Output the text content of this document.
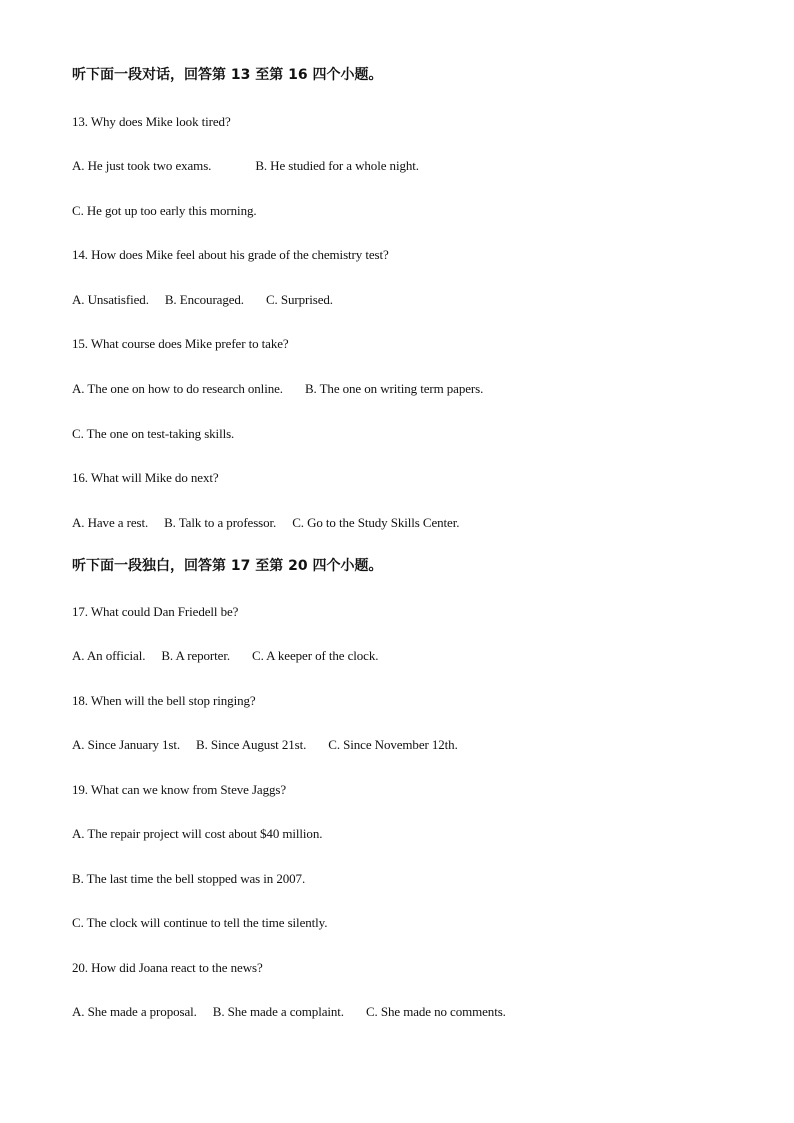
听下面一段对话，回答第 13 至第 16 四个小题。
13. Why does Mike look tired?
A. He just took two exams.	B. He studied for a whole night.
C. He got up too early this morning.
14. How does Mike feel about his grade of the chemistry test?
A. Unsatisfied. B. Encouraged. C. Surprised.
15. What course does Mike prefer to take?
A. The one on how to do research online. B. The one on writing term papers.
C. The one on test-taking skills.
16. What will Mike do next?
A. Have a rest. B. Talk to a professor. C. Go to the Study Skills Center.
听下面一段独白，回答第 17 至第 20 四个小题。
17. What could Dan Friedell be?
A. An official. B. A reporter. C. A keeper of the clock.
18. When will the bell stop ringing?
A. Since January 1st. B. Since August 21st. C. Since November 12th.
19. What can we know from Steve Jaggs?
A. The repair project will cost about $40 million.
B. The last time the bell stopped was in 2007.
C. The clock will continue to tell the time silently.
20. How did Joana react to the news?
A. She made a proposal. B. She made a complaint. C. She made no comments.
